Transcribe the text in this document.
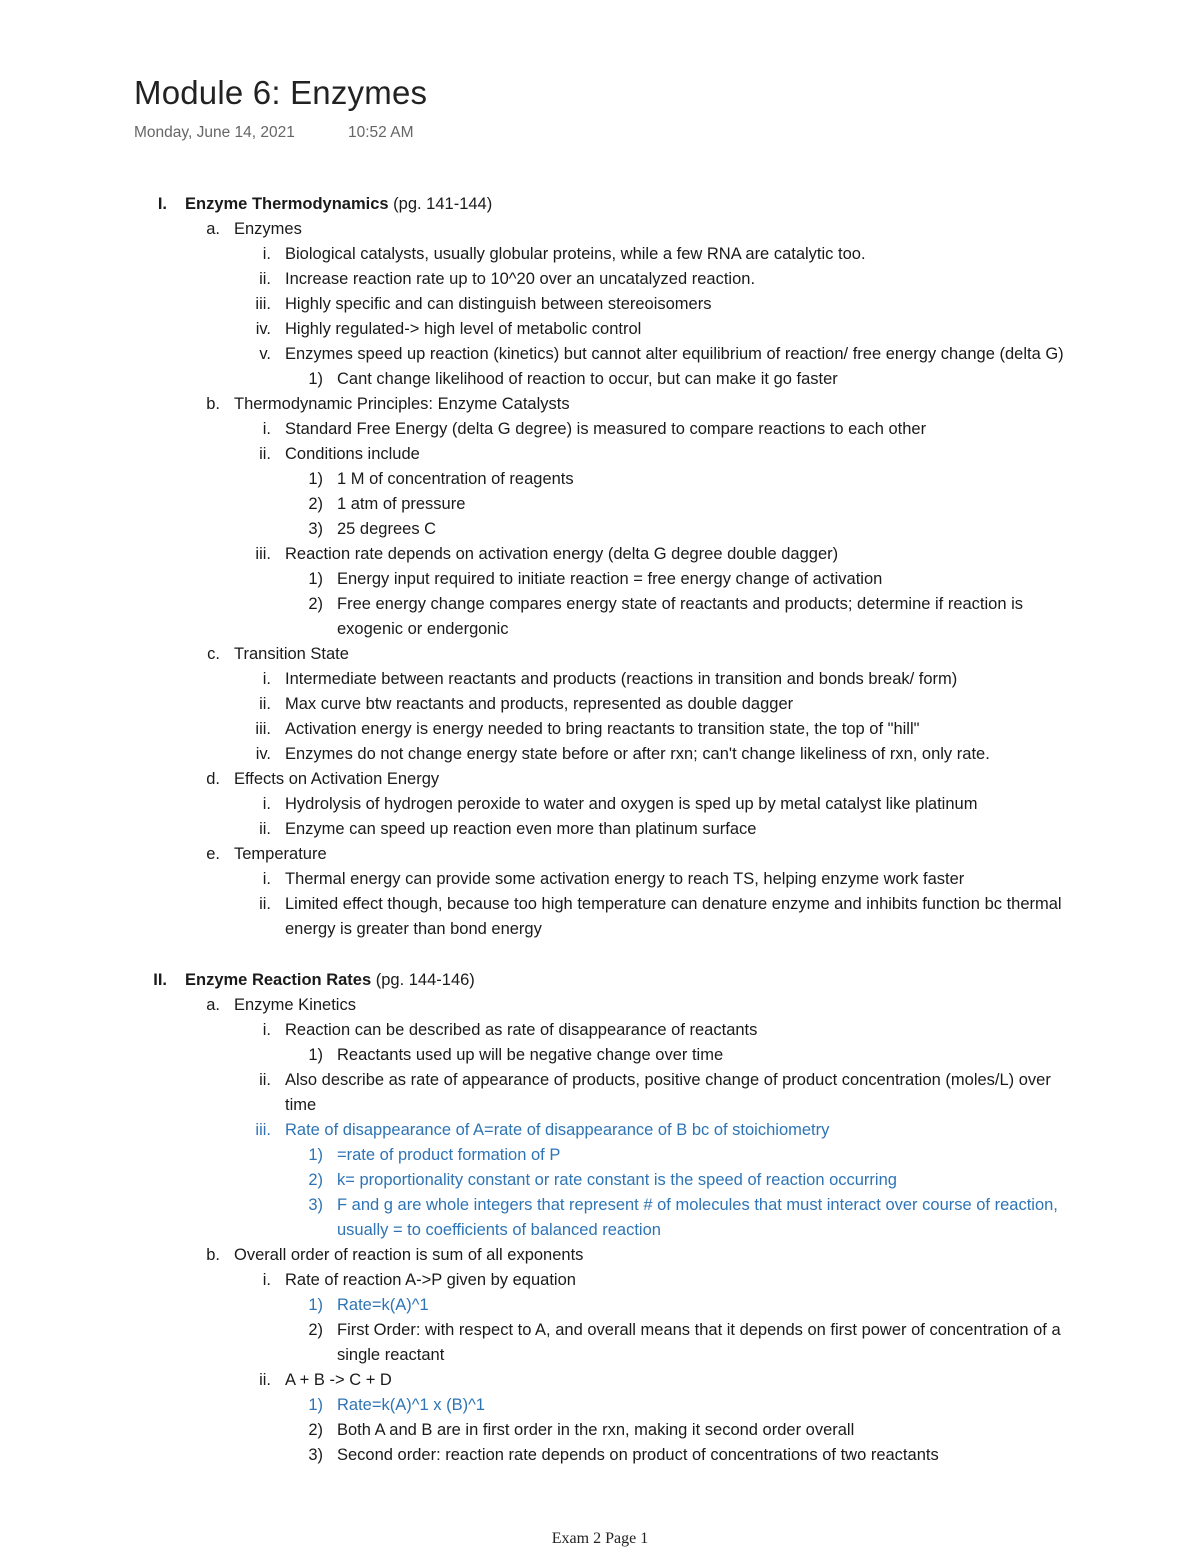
Module 6: Enzymes
Monday, June 14, 2021	10:52 AM
I. Enzyme Thermodynamics (pg. 141-144)
a. Enzymes
i. Biological catalysts, usually globular proteins, while a few RNA are catalytic too.
ii. Increase reaction rate up to 10^20 over an uncatalyzed reaction.
iii. Highly specific and can distinguish between stereoisomers
iv. Highly regulated-> high level of metabolic control
v. Enzymes speed up reaction (kinetics) but cannot alter equilibrium of reaction/ free energy change (delta G)
1) Cant change likelihood of reaction to occur, but can make it go faster
b. Thermodynamic Principles: Enzyme Catalysts
i. Standard Free Energy (delta G degree) is measured to compare reactions to each other
ii. Conditions include
1) 1 M of concentration of reagents
2) 1 atm of pressure
3) 25 degrees C
iii. Reaction rate depends on activation energy (delta G degree double dagger)
1) Energy input required to initiate reaction = free energy change of activation
2) Free energy change compares energy state of reactants and products; determine if reaction is
exogenic or endergonic
c. Transition State
i. Intermediate between reactants and products (reactions in transition and bonds break/ form)
ii. Max curve btw reactants and products, represented as double dagger
iii. Activation energy is energy needed to bring reactants to transition state, the top of "hill"
iv. Enzymes do not change energy state before or after rxn; can't change likeliness of rxn, only rate.
d. Effects on Activation Energy
i. Hydrolysis of hydrogen peroxide to water and oxygen is sped up by metal catalyst like platinum
ii. Enzyme can speed up reaction even more than platinum surface
e. Temperature
i. Thermal energy can provide some activation energy to reach TS, helping enzyme work faster
ii. Limited effect though, because too high temperature can denature enzyme and inhibits function bc thermal
energy is greater than bond energy
II. Enzyme Reaction Rates (pg. 144-146)
a. Enzyme Kinetics
i. Reaction can be described as rate of disappearance of reactants
1) Reactants used up will be negative change over time
ii. Also describe as rate of appearance of products, positive change of product concentration (moles/L) over
time
iii. Rate of disappearance of A=rate of disappearance of B bc of stoichiometry
1) =rate of product formation of P
2) k= proportionality constant or rate constant is the speed of reaction occurring
3) F and g are whole integers that represent # of molecules that must interact over course of reaction,
usually = to coefficients of balanced reaction
b. Overall order of reaction is sum of all exponents
i. Rate of reaction A->P given by equation
1) Rate=k(A)^1
2) First Order: with respect to A, and overall means that it depends on first power of concentration of a
single reactant
ii. A + B -> C + D
1) Rate=k(A)^1 x (B)^1
2) Both A and B are in first order in the rxn, making it second order overall
3) Second order: reaction rate depends on product of concentrations of two reactants
Exam 2 Page 1
